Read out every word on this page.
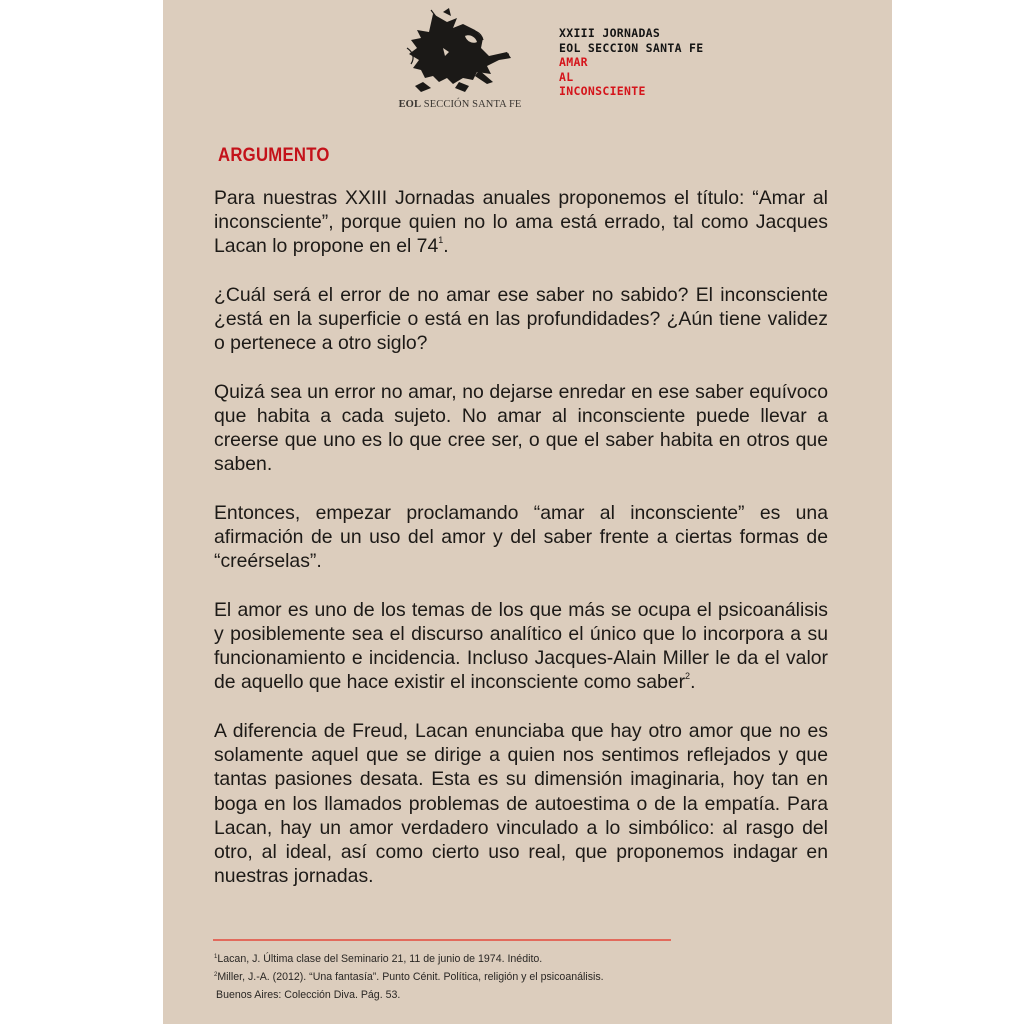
EOL SECCIÓN SANTA FE
XXIII JORNADAS
EOL SECCION SANTA FE
AMAR
AL
INCONSCIENTE
ARGUMENTO

Para nuestras XXIII Jornadas anuales proponemos el título: “Amar al inconsciente”, porque quien no lo ama está errado, tal como Jacques Lacan lo propone en el 74$^1$.

¿Cuál será el error de no amar ese saber no sabido? El inconsciente ¿está en la superficie o está en las profundidades? ¿Aún tiene validez o pertenece a otro siglo?

Quizá sea un error no amar, no dejarse enredar en ese saber equívoco que habita a cada sujeto. No amar al inconsciente puede llevar a creerse que uno es lo que cree ser, o que el saber habita en otros que saben.

Entonces, empezar proclamando “amar al inconsciente” es una afirmación de un uso del amor y del saber frente a ciertas formas de “creérselas”.

El amor es uno de los temas de los que más se ocupa el psicoanálisis y posiblemente sea el discurso analítico el único que lo incorpora a su funcionamiento e incidencia. Incluso Jacques-Alain Miller le da el valor de aquello que hace existir el inconsciente como saber$^2$.

A diferencia de Freud, Lacan enunciaba que hay otro amor que no es solamente aquel que se dirige a quien nos sentimos reflejados y que tantas pasiones desata. Esta es su dimensión imaginaria, hoy tan en boga en los llamados problemas de autoestima o de la empatía. Para Lacan, hay un amor verdadero vinculado a lo simbólico: al rasgo del otro, al ideal, así como cierto uso real, que proponemos indagar en nuestras jornadas.

$^1$Lacan, J. Última clase del Seminario 21, 11 de junio de 1974. Inédito.
$^2$Miller, J.-A. (2012). “Una fantasía”. Punto Cénit. Política, religión y el psicoanálisis.
Buenos Aires: Colección Diva. Pág. 53.
